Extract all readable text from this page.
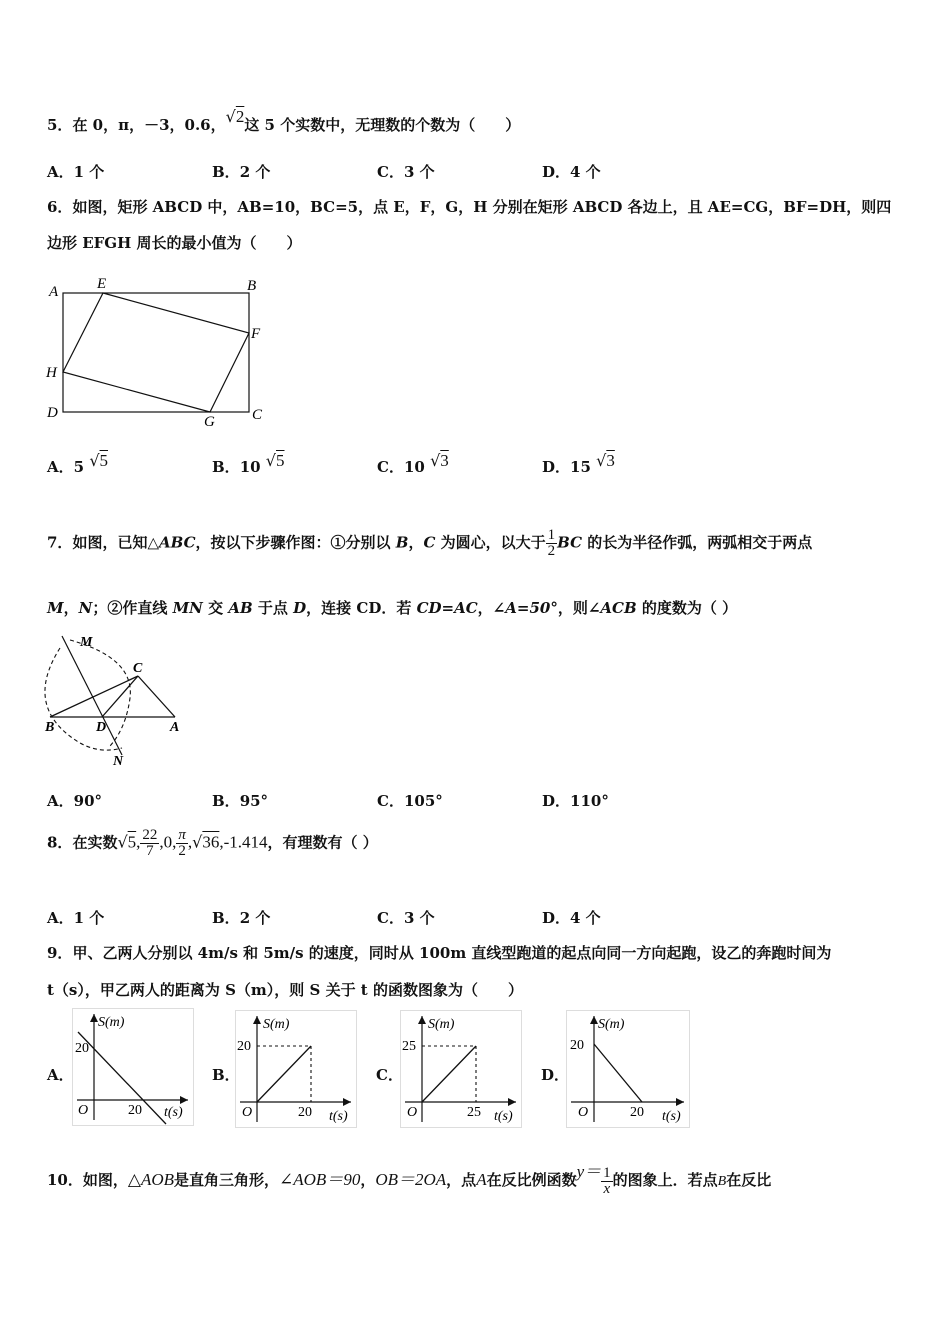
5．在 0，π，－3，0.6，√2这 5 个实数中，无理数的个数为（　　）
A．1 个	B．2 个	C．3 个	D．4 个
6．如图，矩形 ABCD 中，AB=10，BC=5，点 E，F，G，H 分别在矩形 ABCD 各边上，且 AE=CG，BF=DH，则四
边形 EFGH 周长的最小值为（　　）
A	E	B
F
H
D	C
G
A．5 √5	B．10 √5	C．10 √3	D．15 √3
7．如图，已知△ABC，按以下步骤作图：①分别以 B，C 为圆心，以大于 $\frac{1}{2}$ BC 的长为半径作弧，两弧相交于两点
M，N；②作直线 MN 交 AB 于点 D，连接 CD．若 CD=AC，∠A=50°，则∠ACB 的度数为（ ）
M
C
B	D	A
N
A．90°	B．95°	C．105°	D．110°
8．在实数√5, $\frac{22}{7} ,0$, $\frac{\pi}{2} ,√36,-1.414$，有理数有（ ）
A．1 个	B．2 个	C．3 个	D．4 个
9．甲、乙两人分别以 4m/s 和 5m/s 的速度，同时从 100m 直线型跑道的起点向同一方向起跑，设乙的奔跑时间为
t（s），甲乙两人的距离为 S（m），则 S 关于 t 的函数图象为（　　）
A．
S(m)
20
O	20 t(s)
B．
S(m)
20
O	20 t(s)
C．
S(m)
25
O	25 t(s)
D．
S(m)
20
O	20 t(s)
10．如图，△AOB是直角三角形，∠AOB＝90，OB＝2OA，点A在反比例函数$y= \frac{1}{x}$ 的图象上．若点B在反比
